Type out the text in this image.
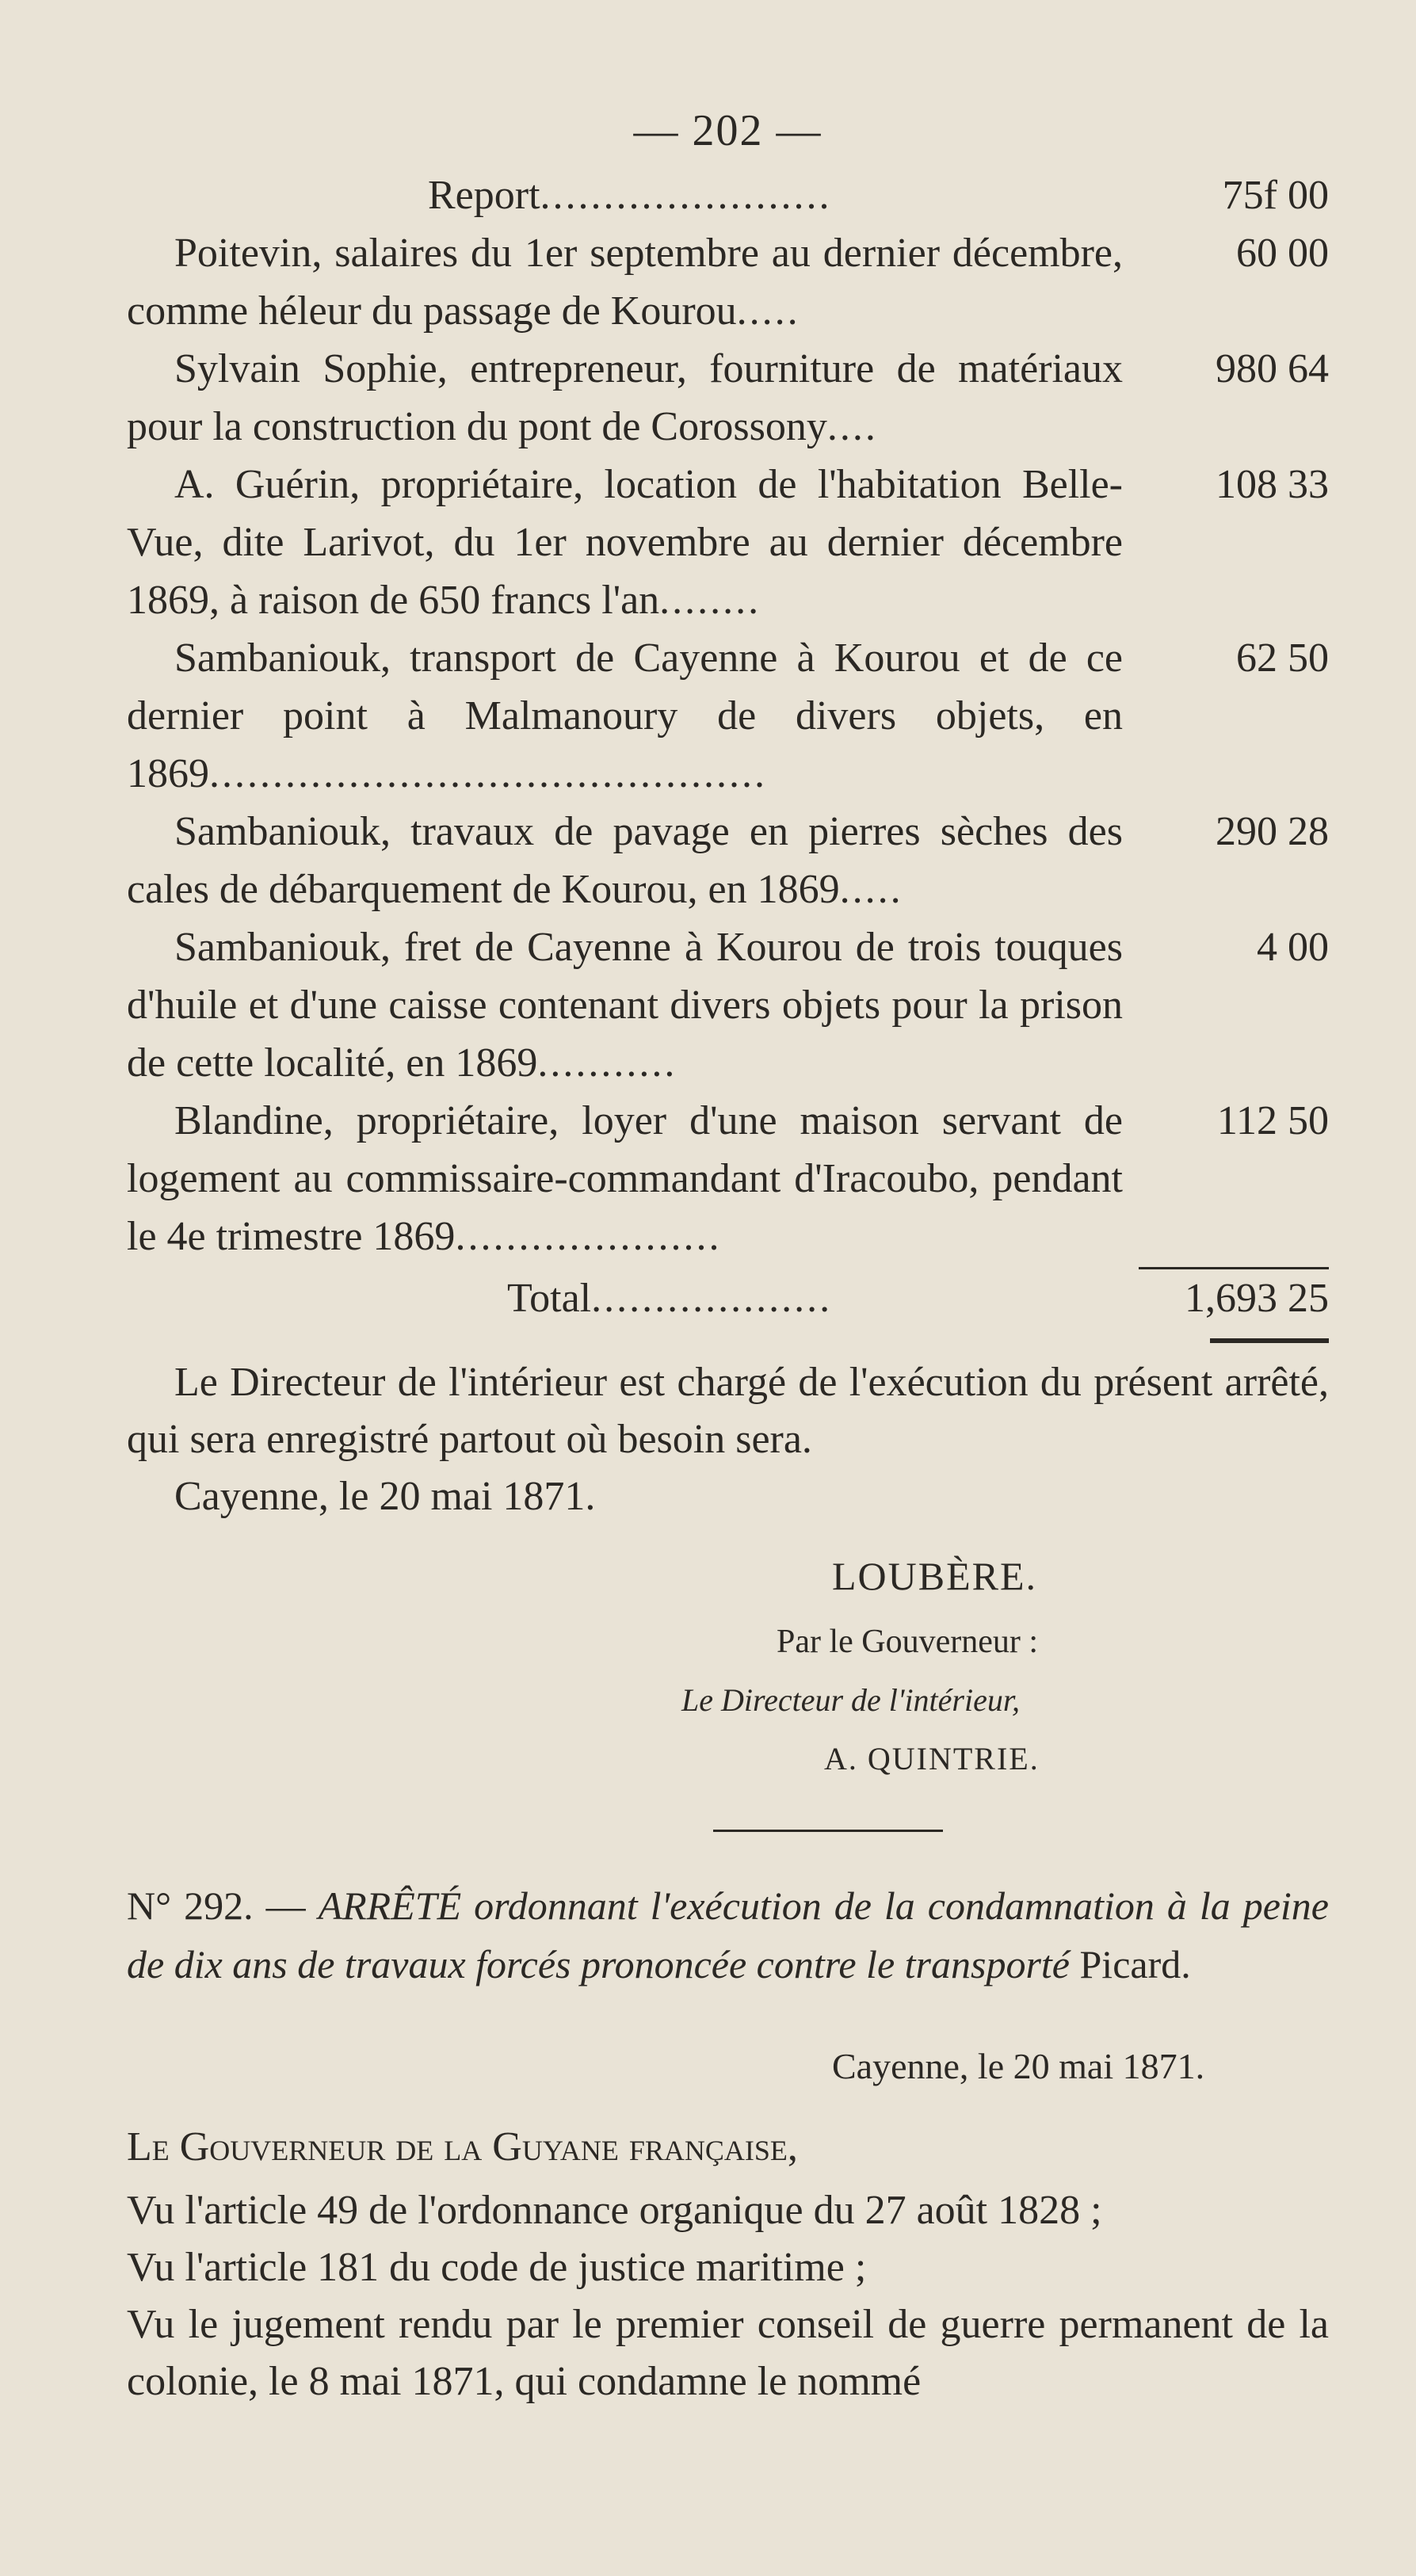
— 202 —
Report.......................	75f 00
Poitevin, salaires du 1er septembre au dernier décembre, comme héleur du passage de Kourou.....
60 00
Sylvain Sophie, entrepreneur, fourniture de matériaux pour la construction du pont de Corossony....
980 64
A. Guérin, propriétaire, location de l'habitation Belle-Vue, dite Larivot, du 1er novembre au dernier décembre 1869, à raison de 650 francs l'an........
108 33
Sambaniouk, transport de Cayenne à Kourou et de ce dernier point à Malmanoury de divers objets, en 1869............................................
62 50
Sambaniouk, travaux de pavage en pierres sèches des cales de débarquement de Kourou, en 1869.....
290 28
Sambaniouk, fret de Cayenne à Kourou de trois touques d'huile et d'une caisse contenant divers objets pour la prison de cette localité, en 1869...........
4 00
Blandine, propriétaire, loyer d'une maison servant de logement au commissaire-commandant d'Iracoubo, pendant le 4e trimestre 1869.....................
112 50
Total...................	1,693 25

Le Directeur de l'intérieur est chargé de l'exécution du présent arrêté, qui sera enregistré partout où besoin sera.

Cayenne, le 20 mai 1871.

LOUBÈRE.
Par le Gouverneur :
Le Directeur de l'intérieur,
A. QUINTRIE.

N° 292. — ARRÊTÉ ordonnant l'exécution de la condamnation à la peine de dix ans de travaux forcés prononcée contre le transporté Picard.

Cayenne, le 20 mai 1871.

Le Gouverneur de la Guyane française,

Vu l'article 49 de l'ordonnance organique du 27 août 1828 ;

Vu l'article 181 du code de justice maritime ;

Vu le jugement rendu par le premier conseil de guerre permanent de la colonie, le 8 mai 1871, qui condamne le nommé
